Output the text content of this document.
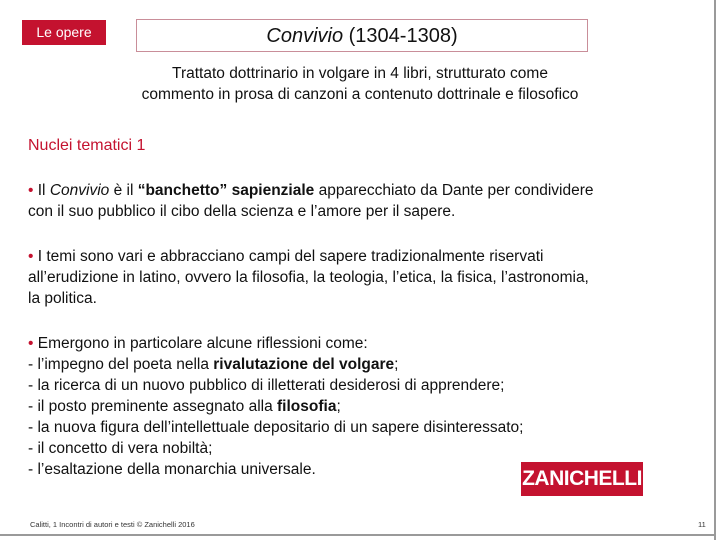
Le opere	Convivio (1304-1308)
Trattato dottrinario in volgare in 4 libri, strutturato come
commento in prosa di canzoni a contenuto dottrinale e filosofico
Nuclei tematici 1
• Il Convivio è il “banchetto” sapienziale apparecchiato da Dante per condividere
con il suo pubblico il cibo della scienza e l’amore per il sapere.
• I temi sono vari e abbracciano campi del sapere tradizionalmente riservati
all’erudizione in latino, ovvero la filosofia, la teologia, l’etica, la fisica, l’astronomia,
la politica.
• Emergono in particolare alcune riflessioni come:
- l’impegno del poeta nella rivalutazione del volgare;
- la ricerca di un nuovo pubblico di illetterati desiderosi di apprendere;
- il posto preminente assegnato alla filosofia;
- la nuova figura dell’intellettuale depositario di un sapere disinteressato;
- il concetto di vera nobiltà;
- l’esaltazione della monarchia universale.	ZANICHELLI
Calitti, 1 Incontri di autori e testi © Zanichelli 2016	11
